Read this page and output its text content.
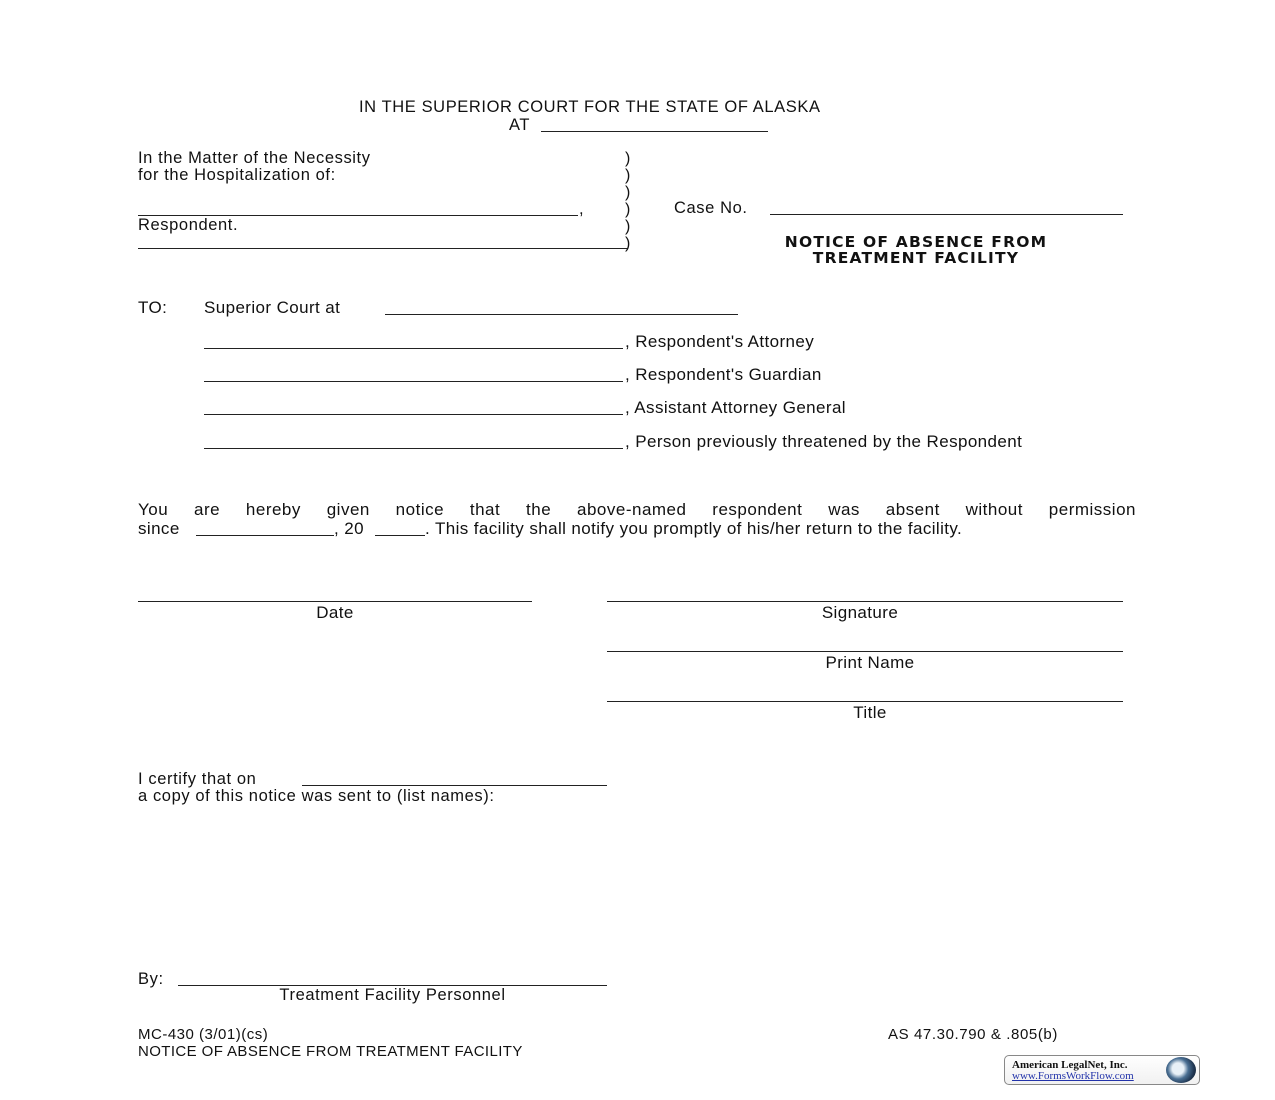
IN THE SUPERIOR COURT FOR THE STATE OF ALASKA
AT
In the Matter of the Necessity
for the Hospitalization of:
,
Respondent.
)
)
)
)
)
)
Case No.
NOTICE OF ABSENCE FROM
TREATMENT FACILITY
TO: Superior Court at
, Respondent's Attorney
, Respondent's Guardian
, Assistant Attorney General
, Person previously threatened by the Respondent
You are hereby given notice that the above-named respondent was absent without permission
since	, 20	. This facility shall notify you promptly of his/her return to the facility.
Date	Signature
Print Name
Title
I certify that on
a copy of this notice was sent to (list names):
By:
Treatment Facility Personnel
MC-430 (3/01)(cs)
NOTICE OF ABSENCE FROM TREATMENT FACILITY
AS 47.30.790 & .805(b)
American LegalNet, Inc.
www.FormsWorkFlow.com
